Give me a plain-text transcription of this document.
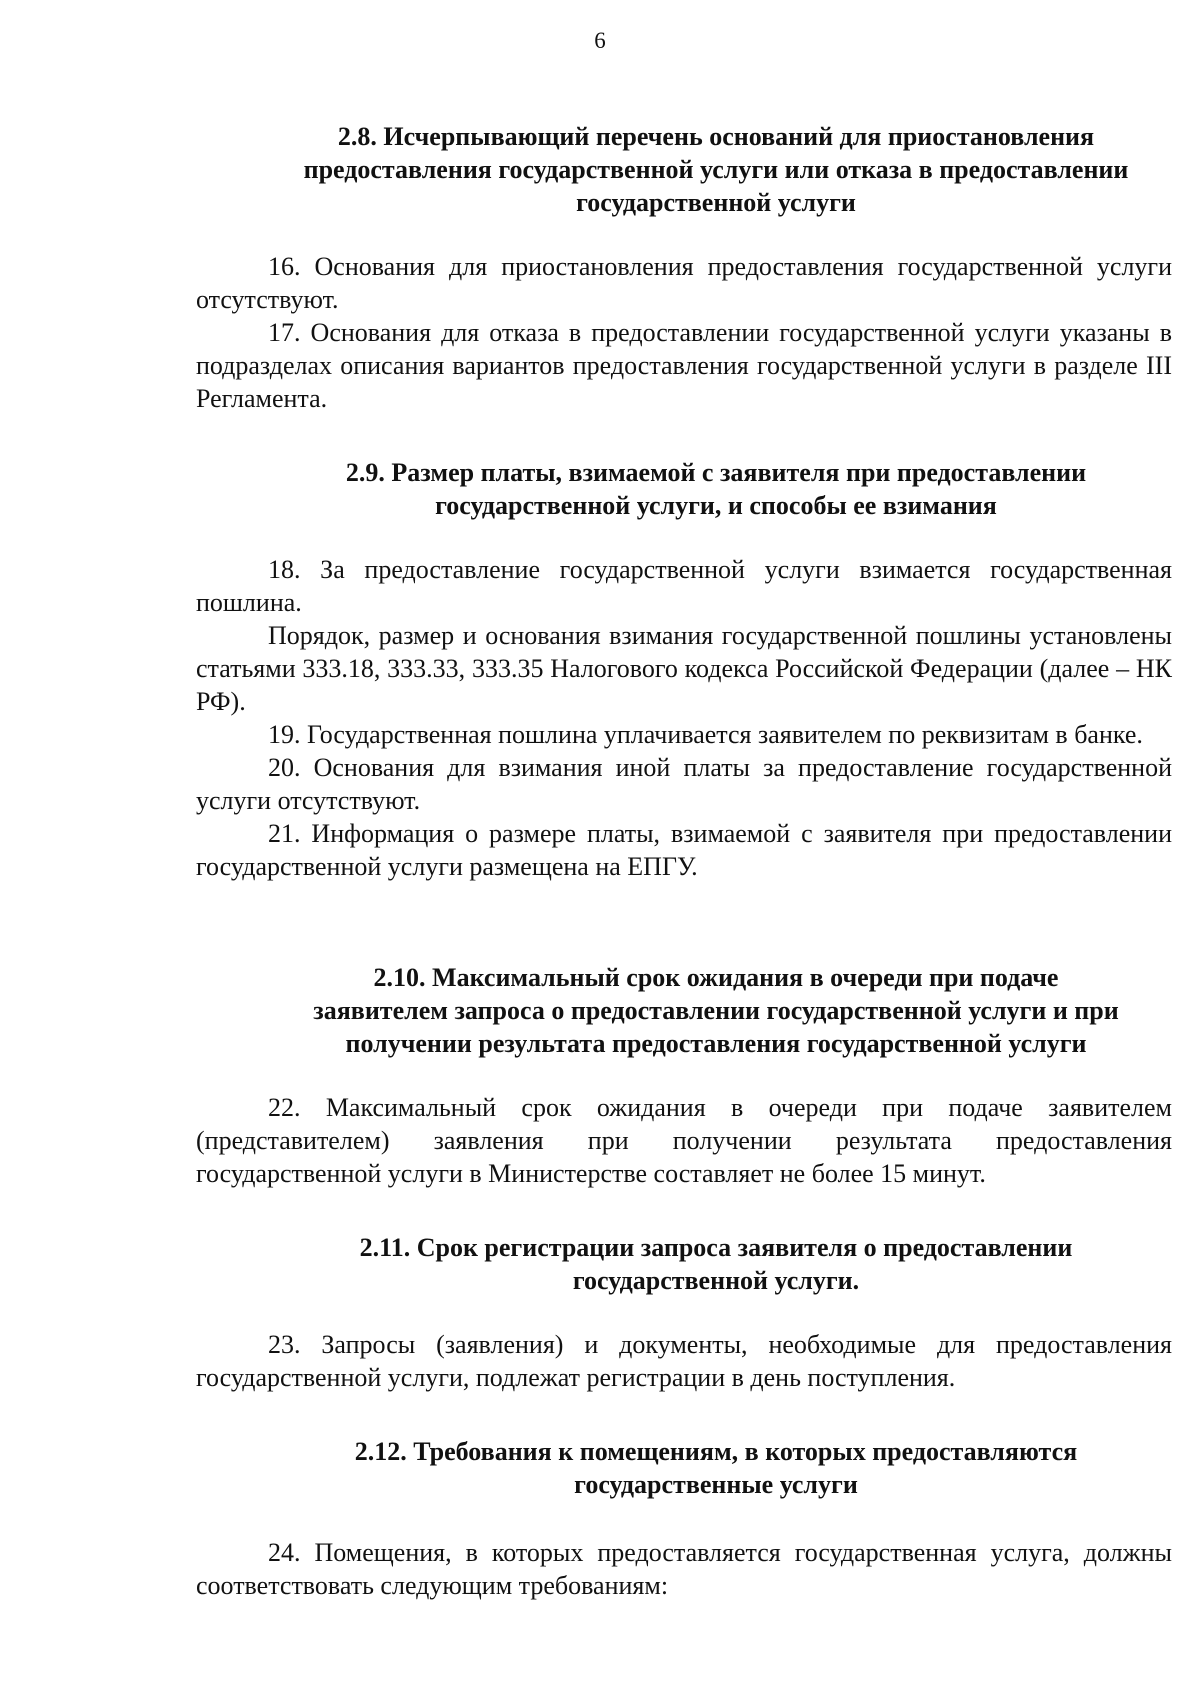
6
2.8. Исчерпывающий перечень оснований для приостановления
предоставления государственной услуги или отказа в предоставлении
государственной услуги

16. Основания для приостановления предоставления государственной услуги отсутствуют.

17. Основания для отказа в предоставлении государственной услуги указаны в подразделах описания вариантов предоставления государственной услуги в разделе III Регламента.

2.9. Размер платы, взимаемой с заявителя при предоставлении
государственной услуги, и способы ее взимания

18. За предоставление государственной услуги взимается государственная пошлина.

Порядок, размер и основания взимания государственной пошлины установлены статьями 333.18, 333.33, 333.35 Налогового кодекса Российской Федерации (далее – НК РФ).

19. Государственная пошлина уплачивается заявителем по реквизитам в банке.

20. Основания для взимания иной платы за предоставление государственной услуги отсутствуют.

21. Информация о размере платы, взимаемой с заявителя при предоставлении государственной услуги размещена на ЕПГУ.

2.10. Максимальный срок ожидания в очереди при подаче
заявителем запроса о предоставлении государственной услуги и при
получении результата предоставления государственной услуги

22. Максимальный срок ожидания в очереди при подаче заявителем (представителем) заявления при получении результата предоставления государственной услуги в Министерстве составляет не более 15 минут.

2.11. Срок регистрации запроса заявителя о предоставлении
государственной услуги.

23. Запросы (заявления) и документы, необходимые для предоставления государственной услуги, подлежат регистрации в день поступления.

2.12. Требования к помещениям, в которых предоставляются
государственные услуги

24. Помещения, в которых предоставляется государственная услуга, должны соответствовать следующим требованиям:
